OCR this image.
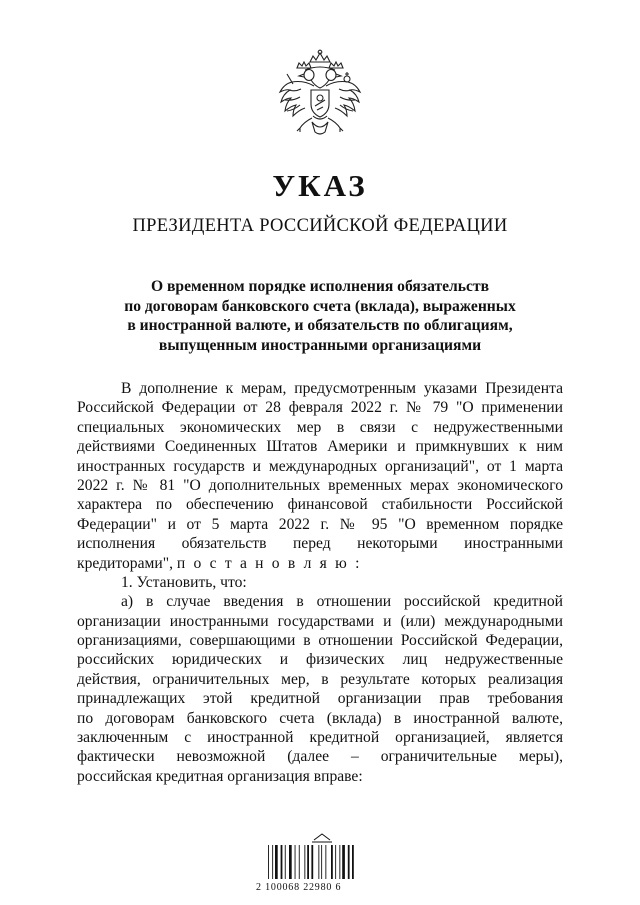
УКАЗ
ПРЕЗИДЕНТА РОССИЙСКОЙ ФЕДЕРАЦИИ
О временном порядке исполнения обязательств
по договорам банковского счета (вклада), выраженных
в иностранной валюте, и обязательств по облигациям,
выпущенным иностранными организациями
В дополнение к мерам, предусмотренным указами Президента
Российской Федерации от 28 февраля 2022 г. № 79 "О применении
специальных экономических мер в связи с недружественными
действиями Соединенных Штатов Америки и примкнувших к ним
иностранных государств и международных организаций", от 1 марта
2022 г. № 81 "О дополнительных временных мерах экономического
характера по обеспечению финансовой стабильности Российской
Федерации" и от 5 марта 2022 г. № 95 "О временном порядке
исполнения обязательств перед некоторыми иностранными
кредиторами", п о с т а н о в л я ю :
1. Установить, что:
а) в случае введения в отношении российской кредитной
организации иностранными государствами и (или) международными
организациями, совершающими в отношении Российской Федерации,
российских юридических и физических лиц недружественные
действия, ограничительных мер, в результате которых реализация
принадлежащих этой кредитной организации прав требования
по договорам банковского счета (вклада) в иностранной валюте,
заключенным с иностранной кредитной организацией, является
фактически невозможной (далее – ограничительные меры),
российская кредитная организация вправе:
2 100068 22980 6
